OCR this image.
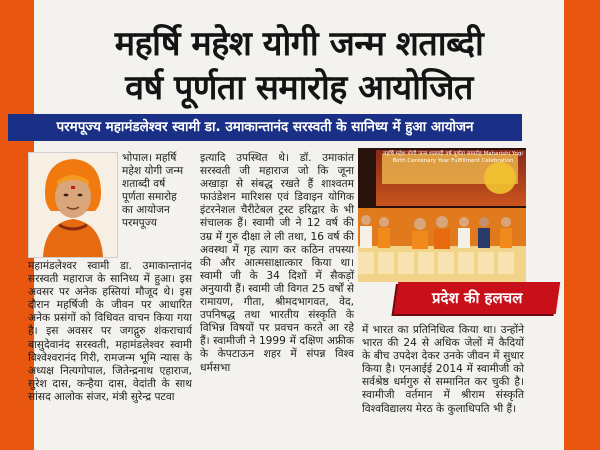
महर्षि महेश योगी जन्म शताब्दी
वर्ष पूर्णता समारोह आयोजित
परमपूज्य महामंडलेश्वर स्वामी डा. उमाकान्तानंद सरस्वती के सानिध्य में हुआ आयोजन
भोपाल। महर्षि महेश योगी जन्म शताब्दी वर्ष पूर्णता समारोह का आयोजन परमपूज्य

महामंडलेश्वर स्वामी डा. उमाकान्तानंद सरस्वती महाराज के सानिध्य में हुआ। इस अवसर पर अनेक हस्तियां मौजूद थे। इस दौरान महर्षिजी के जीवन पर आधारित अनेक प्रसंगों को विधिवत वाचन किया गया है। इस अवसर पर जगद्गुरु शंकराचार्य बासुदेवानंद सरस्वती, महामंडलेश्वर स्वामी विश्वेश्वरानंद गिरी, रामजन्म भूमि न्यास के अध्यक्ष नित्यगोपाल, जितेन्द्रनाथ एहाराज, सुरेश दास, कन्हैया दास, वेदांती के साथ सांसद आलोक संजर, मंत्री सुरेन्द्र पटवा

इत्यादि उपस्थित थे। डॉ. उमाकांत सरस्वती जी महाराज जो कि जूना अखाड़ा से संबद्ध रखते हैं शाश्वतम फाउंडेशन मारिशस एवं डिवाइन योगिक इंटरनेशल चैरीटेबल ट्रस्ट हरिद्वार के भी संचालक हैं। स्वामी जी ने 12 वर्ष की उम्र में गुरु दीक्षा ले ली तथा, 16 वर्ष की अवस्था में गृह त्याग कर कठिन तपस्या की और आत्मसाक्षात्कार किया था। स्वामी जी के 34 दिशों में सैकड़ों अनुयायी हैं। स्वामी जी विगत 25 वर्षों से रामायण, गीता, श्रीमदभागवत, वेद, उपनिषद्ध तथा भारतीय संस्कृति के विभिन्न विषयों पर प्रवचन करते आ रहे हैं। स्वामीजी ने 1999 में दक्षिण अफ्रीक के केपटाऊन शहर में संपन्न विश्व धर्मसभा

महर्षि महेश योगी जन्म शताब्दी वर्ष पूर्णता समारोह Maharishi Yogi Birth Centenary Year Fulfillment Celebration
प्रदेश की हलचल

में भारत का प्रतिनिधित्व किया था। उन्होंने भारत की 24 से अधिक जेलों में कैदियों के बीच उपदेश देकर उनके जीवन में सुधार किया है। एनआईई 2014 में स्वामीजी को सर्वश्रेष्ठ धर्मगुरु से सम्मानित कर चुकी है। स्वामीजी वर्तमान में श्रीराम संस्कृति विश्वविद्यालय मेरठ के कुलाधिपति भी हैं।
